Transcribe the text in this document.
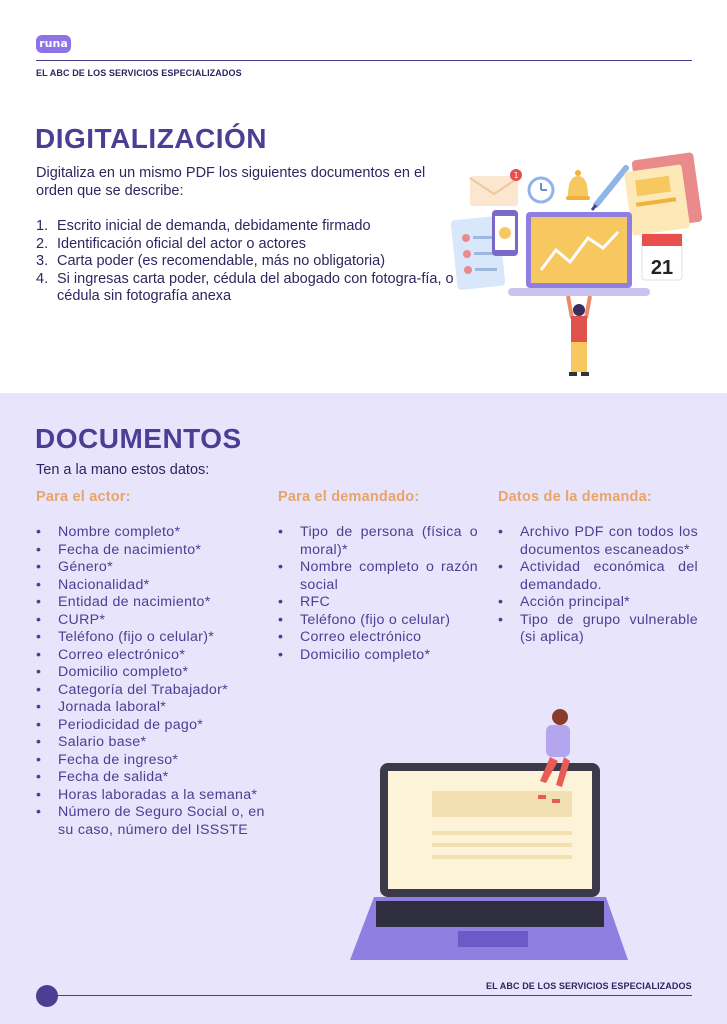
runa
EL ABC DE LOS SERVICIOS ESPECIALIZADOS
DIGITALIZACIÓN
Digitaliza en un mismo PDF los siguientes documentos en el orden que se describe:
1. Escrito inicial de demanda, debidamente firmado
2. Identificación oficial del actor o actores
3. Carta poder (es recomendable, más no obligatoria)
4. Si ingresas carta poder, cédula del abogado con fotogra-fía, o cédula sin fotografía anexa
1
21
DOCUMENTOS
Ten a la mano estos datos:
Para el actor:	Para el demandado:	Datos de la demanda:
• Nombre completo*
• Fecha de nacimiento*
• Género*
• Nacionalidad*
• Entidad de nacimiento*
• CURP*
• Teléfono (fijo o celular)*
• Correo electrónico*
• Domicilio completo*
• Categoría del Trabajador*
• Jornada laboral*
• Periodicidad de pago*
• Salario base*
• Fecha de ingreso*
• Fecha de salida*
• Horas laboradas a la semana*
• Número de Seguro Social o, en su caso, número del ISSSTE
• Tipo de persona (física o moral)*
• Nombre completo o razón social
• RFC
• Teléfono (fijo o celular)
• Correo electrónico
• Domicilio completo*
• Archivo PDF con todos los documentos escaneados*
• Actividad económica del demandado.
• Acción principal*
• Tipo de grupo vulnerable (si aplica)
EL ABC DE LOS SERVICIOS ESPECIALIZADOS
